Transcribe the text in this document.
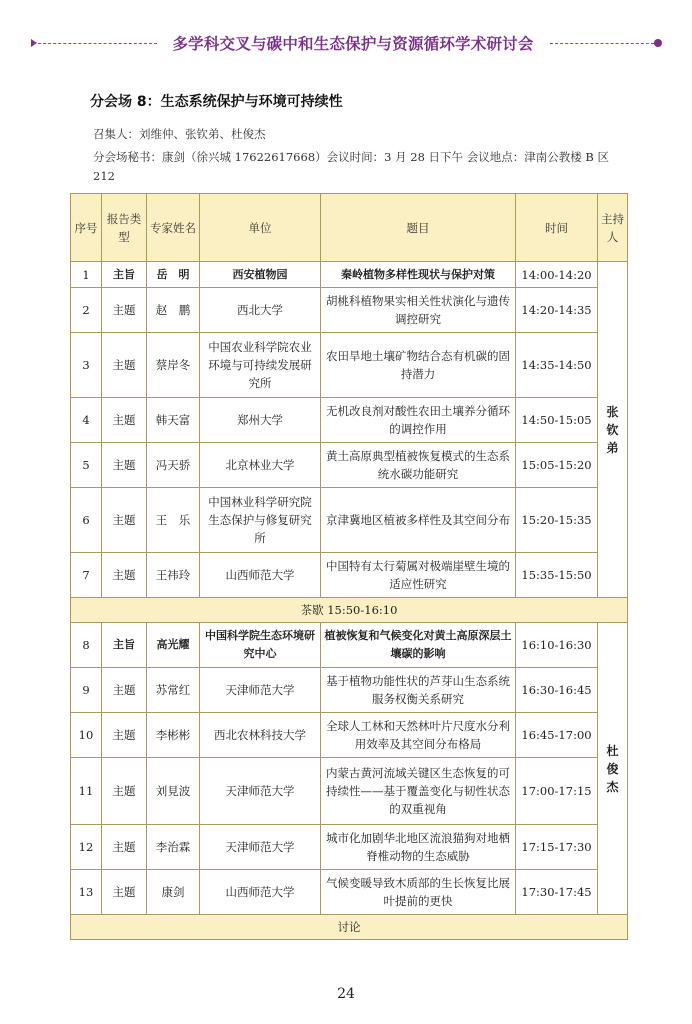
多学科交叉与碳中和生态保护与资源循环学术研讨会
分会场 8：生态系统保护与环境可持续性
召集人：刘维仲、张钦弟、杜俊杰
分会场秘书：康剑（徐兴城 17622617668）会议时间：3 月 28 日下午 会议地点：津南公教楼 B 区 212
序号	报告类型	专家姓名	单位	题目	时间	主持人
1	主旨	岳　明	西安植物园	秦岭植物多样性现状与保护对策	14:00-14:20	张钦弟
2	主题	赵　鹏	西北大学	胡桃科植物果实相关性状演化与遗传调控研究	14:20-14:35	
3	主题	蔡岸冬	中国农业科学院农业环境与可持续发展研究所	农田旱地土壤矿物结合态有机碳的固持潜力	14:35-14:50	
4	主题	韩天富	郑州大学	无机改良剂对酸性农田土壤养分循环的调控作用	14:50-15:05	
5	主题	冯天骄	北京林业大学	黄土高原典型植被恢复模式的生态系统水碳功能研究	15:05-15:20	
6	主题	王　乐	中国林业科学研究院生态保护与修复研究所	京津冀地区植被多样性及其空间分布	15:20-15:35	
7	主题	王祎玲	山西师范大学	中国特有太行菊属对极端崖壁生境的适应性研究	15:35-15:50	
茶歇 15:50-16:10						
8	主旨	高光耀	中国科学院生态环境研究中心	植被恢复和气候变化对黄土高原深层土壤碳的影响	16:10-16:30	杜俊杰
9	主题	苏常红	天津师范大学	基于植物功能性状的芦芽山生态系统服务权衡关系研究	16:30-16:45	
10	主题	李彬彬	西北农林科技大学	全球人工林和天然林叶片尺度水分利用效率及其空间分布格局	16:45-17:00	
11	主题	刘見波	天津师范大学	内蒙古黄河流域关键区生态恢复的可持续性——基于覆盖变化与韧性状态的双重视角	17:00-17:15	
12	主题	李治霖	天津师范大学	城市化加剧华北地区流浪猫狗对地栖脊椎动物的生态威胁	17:15-17:30	
13	主题	康剑	山西师范大学	气候变暖导致木质部的生长恢复比展叶提前的更快	17:30-17:45	
讨论						
24
